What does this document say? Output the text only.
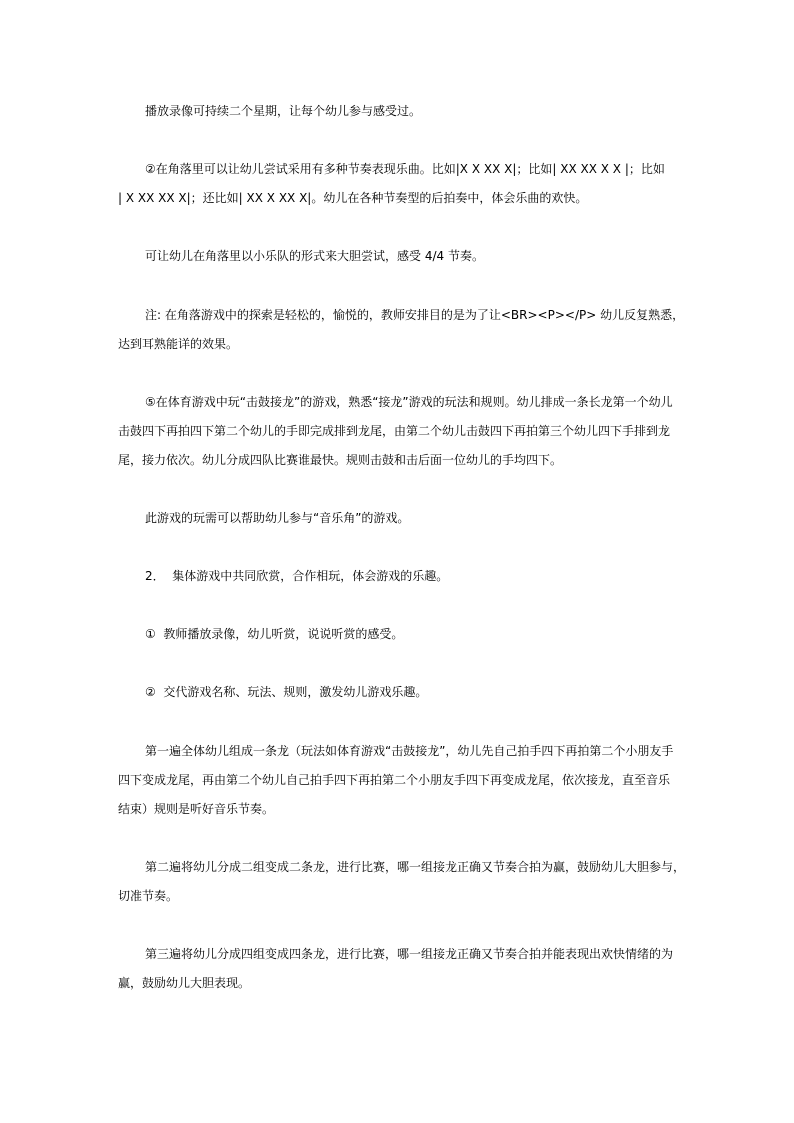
播放录像可持续二个星期，让每个幼儿参与感受过。

②在角落里可以让幼儿尝试采用有多种节奏表现乐曲。比如|X X XX X|；比如| XX XX X X |；比如
| X XX XX X|；还比如| XX X XX X|。幼儿在各种节奏型的后拍奏中，体会乐曲的欢快。

可让幼儿在角落里以小乐队的形式来大胆尝试，感受 4/4 节奏。

注: 在角落游戏中的探索是轻松的，愉悦的，教师安排目的是为了让<BR><P></P> 幼儿反复熟悉，
达到耳熟能详的效果。

⑤在体育游戏中玩“击鼓接龙”的游戏，熟悉“接龙”游戏的玩法和规则。幼儿排成一条长龙第一个幼儿
击鼓四下再拍四下第二个幼儿的手即完成排到龙尾，由第二个幼儿击鼓四下再拍第三个幼儿四下手排到龙
尾，接力依次。幼儿分成四队比赛谁最快。规则击鼓和击后面一位幼儿的手均四下。

此游戏的玩需可以帮助幼儿参与“音乐角”的游戏。

2．  集体游戏中共同欣赏，合作相玩，体会游戏的乐趣。

①  教师播放录像，幼儿听赏，说说听赏的感受。

②  交代游戏名称、玩法、规则，激发幼儿游戏乐趣。

第一遍全体幼儿组成一条龙（玩法如体育游戏“击鼓接龙”，幼儿先自己拍手四下再拍第二个小朋友手
四下变成龙尾，再由第二个幼儿自己拍手四下再拍第二个小朋友手四下再变成龙尾，依次接龙，直至音乐
结束）规则是听好音乐节奏。

第二遍将幼儿分成二组变成二条龙，进行比赛，哪一组接龙正确又节奏合拍为赢，鼓励幼儿大胆参与，
切准节奏。

第三遍将幼儿分成四组变成四条龙，进行比赛，哪一组接龙正确又节奏合拍并能表现出欢快情绪的为
赢，鼓励幼儿大胆表现。
